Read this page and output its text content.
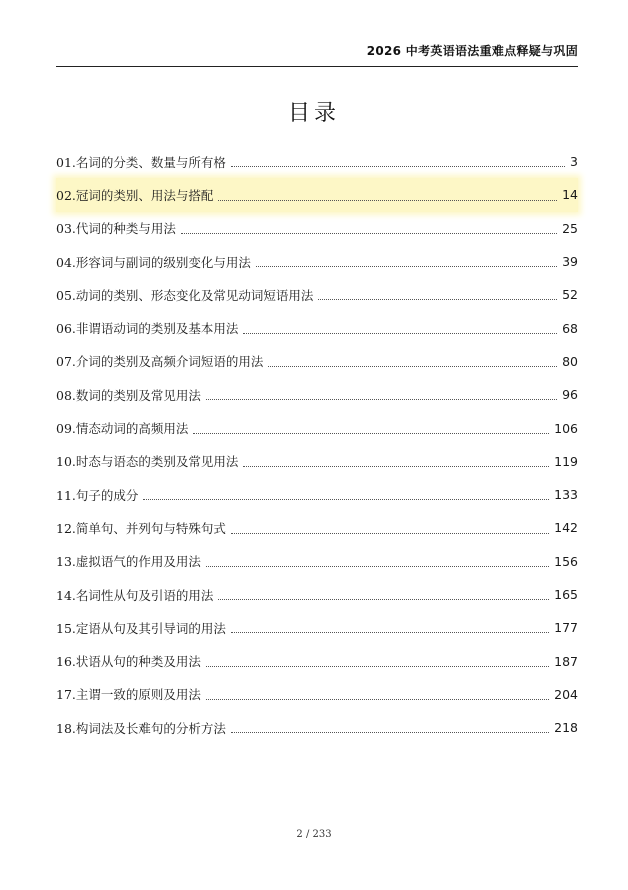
2026 中考英语语法重难点释疑与巩固
目录
01.名词的分类、数量与所有格	3
02.冠词的类别、用法与搭配	14
03.代词的种类与用法	25
04.形容词与副词的级别变化与用法	39
05.动词的类别、形态变化及常见动词短语用法	52
06.非谓语动词的类别及基本用法	68
07.介词的类别及高频介词短语的用法	80
08.数词的类别及常见用法	96
09.情态动词的高频用法	106
10.时态与语态的类别及常见用法	119
11.句子的成分	133
12.简单句、并列句与特殊句式	142
13.虚拟语气的作用及用法	156
14.名词性从句及引语的用法	165
15.定语从句及其引导词的用法	177
16.状语从句的种类及用法	187
17.主谓一致的原则及用法	204
18.构词法及长难句的分析方法	218
2 / 233
